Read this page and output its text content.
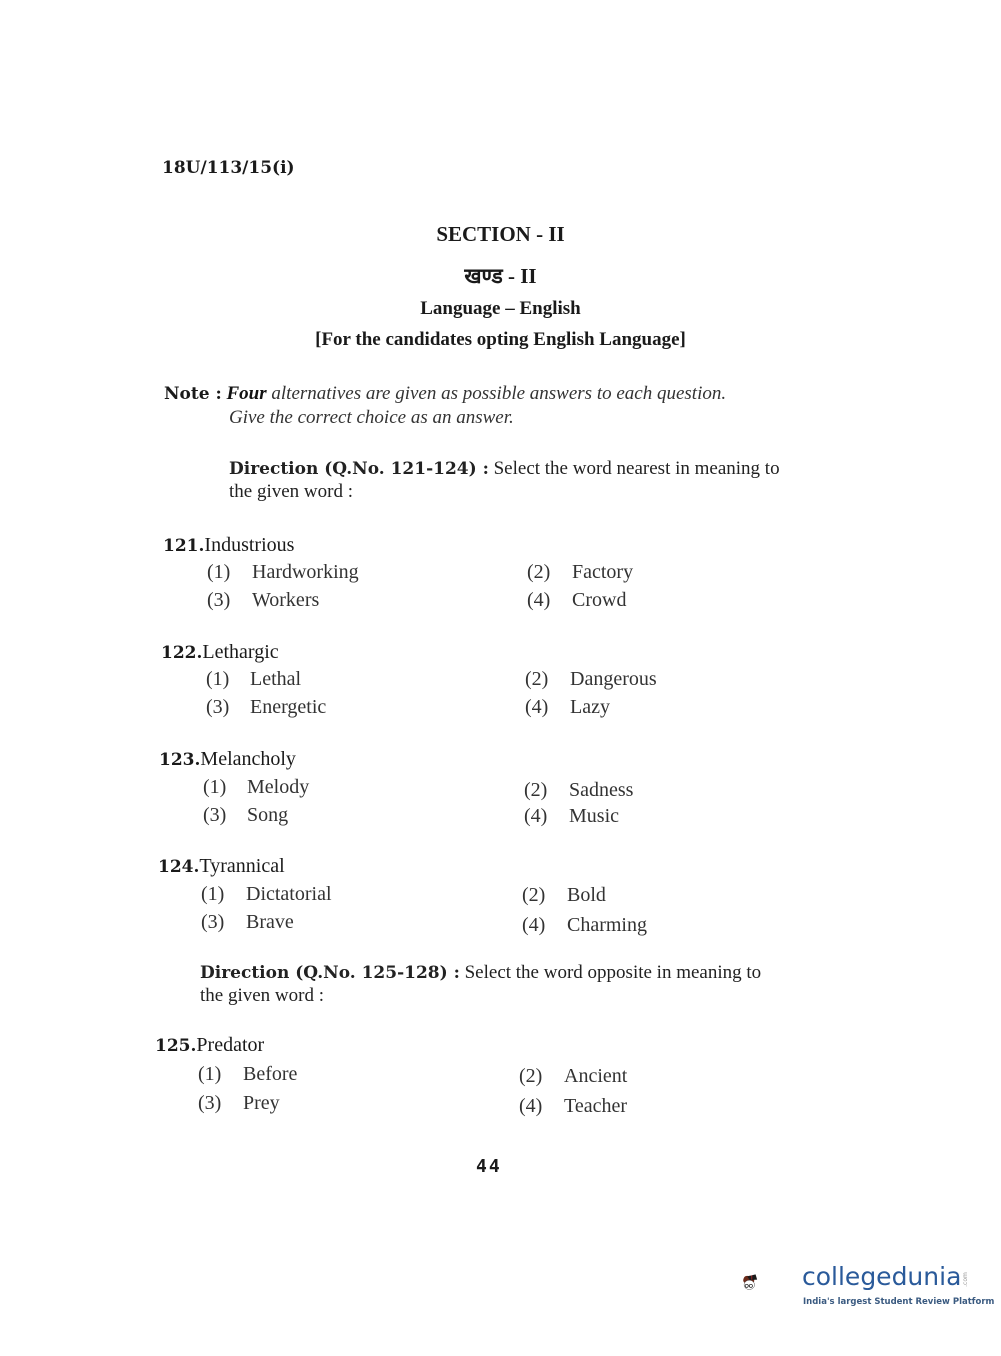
18U/113/15(i)
SECTION - II
खण्ड - II
Language – English
[For the candidates opting English Language]
Note : Four alternatives are given as possible answers to each question.
Give the correct choice as an answer.
Direction (Q.No. 121-124) : Select the word nearest in meaning to
the given word :
Direction (Q.No. 125-128) : Select the word opposite in meaning to
the given word :
121.Industrious
(1) Hardworking	(2) Factory
(3) Workers	(4) Crowd
122.Lethargic
(1) Lethal	(2) Dangerous
(3) Energetic	(4) Lazy
123.Melancholy
(1) Melody	(2) Sadness
(3) Song	(4) Music
124.Tyrannical
(1) Dictatorial	(2) Bold
(3) Brave	(4) Charming
125.Predator
(1) Before	(2) Ancient
(3) Prey	(4) Teacher
44
collegedunia .com
India's largest Student Review Platform
